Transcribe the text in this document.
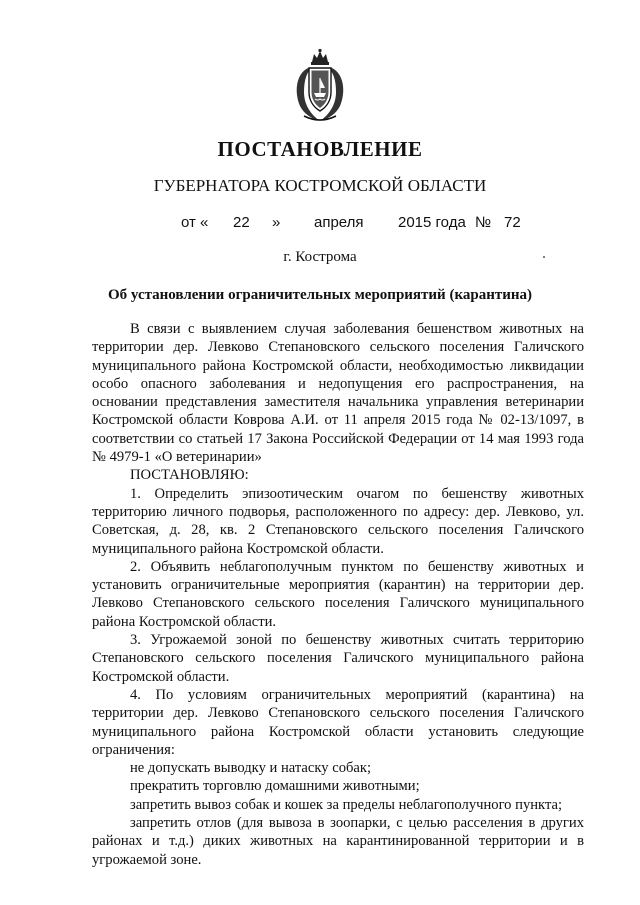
ПОСТАНОВЛЕНИЕ
ГУБЕРНАТОРА КОСТРОМСКОЙ ОБЛАСТИ
от « 22 » апреля 2015 года № 72
г. Кострома
Об установлении ограничительных мероприятий (карантина)

В связи с выявлением случая заболевания бешенством животных на территории дер. Левково Степановского сельского поселения Галичского муниципального района Костромской области, необходимостью ликвидации особо опасного заболевания и недопущения его распространения, на основании представления заместителя начальника управления ветеринарии Костромской области Коврова А.И. от 11 апреля 2015 года № 02-13/1097, в соответствии со статьей 17 Закона Российской Федерации от 14 мая 1993 года № 4979-1 «О ветеринарии»

ПОСТАНОВЛЯЮ:

1. Определить эпизоотическим очагом по бешенству животных территорию личного подворья, расположенного по адресу: дер. Левково, ул. Советская, д. 28, кв. 2 Степановского сельского поселения Галичского муниципального района Костромской области.

2. Объявить неблагополучным пунктом по бешенству животных и установить ограничительные мероприятия (карантин) на территории дер. Левково Степановского сельского поселения Галичского муниципального района Костромской области.

3. Угрожаемой зоной по бешенству животных считать территорию Степановского сельского поселения Галичского муниципального района Костромской области.

4. По условиям ограничительных мероприятий (карантина) на территории дер. Левково Степановского сельского поселения Галичского муниципального района Костромской области установить следующие ограничения:

не допускать выводку и натаску собак;

прекратить торговлю домашними животными;

запретить вывоз собак и кошек за пределы неблагополучного пункта;

запретить отлов (для вывоза в зоопарки, с целью расселения в других районах и т.д.) диких животных на карантинированной территории и в угрожаемой зоне.
